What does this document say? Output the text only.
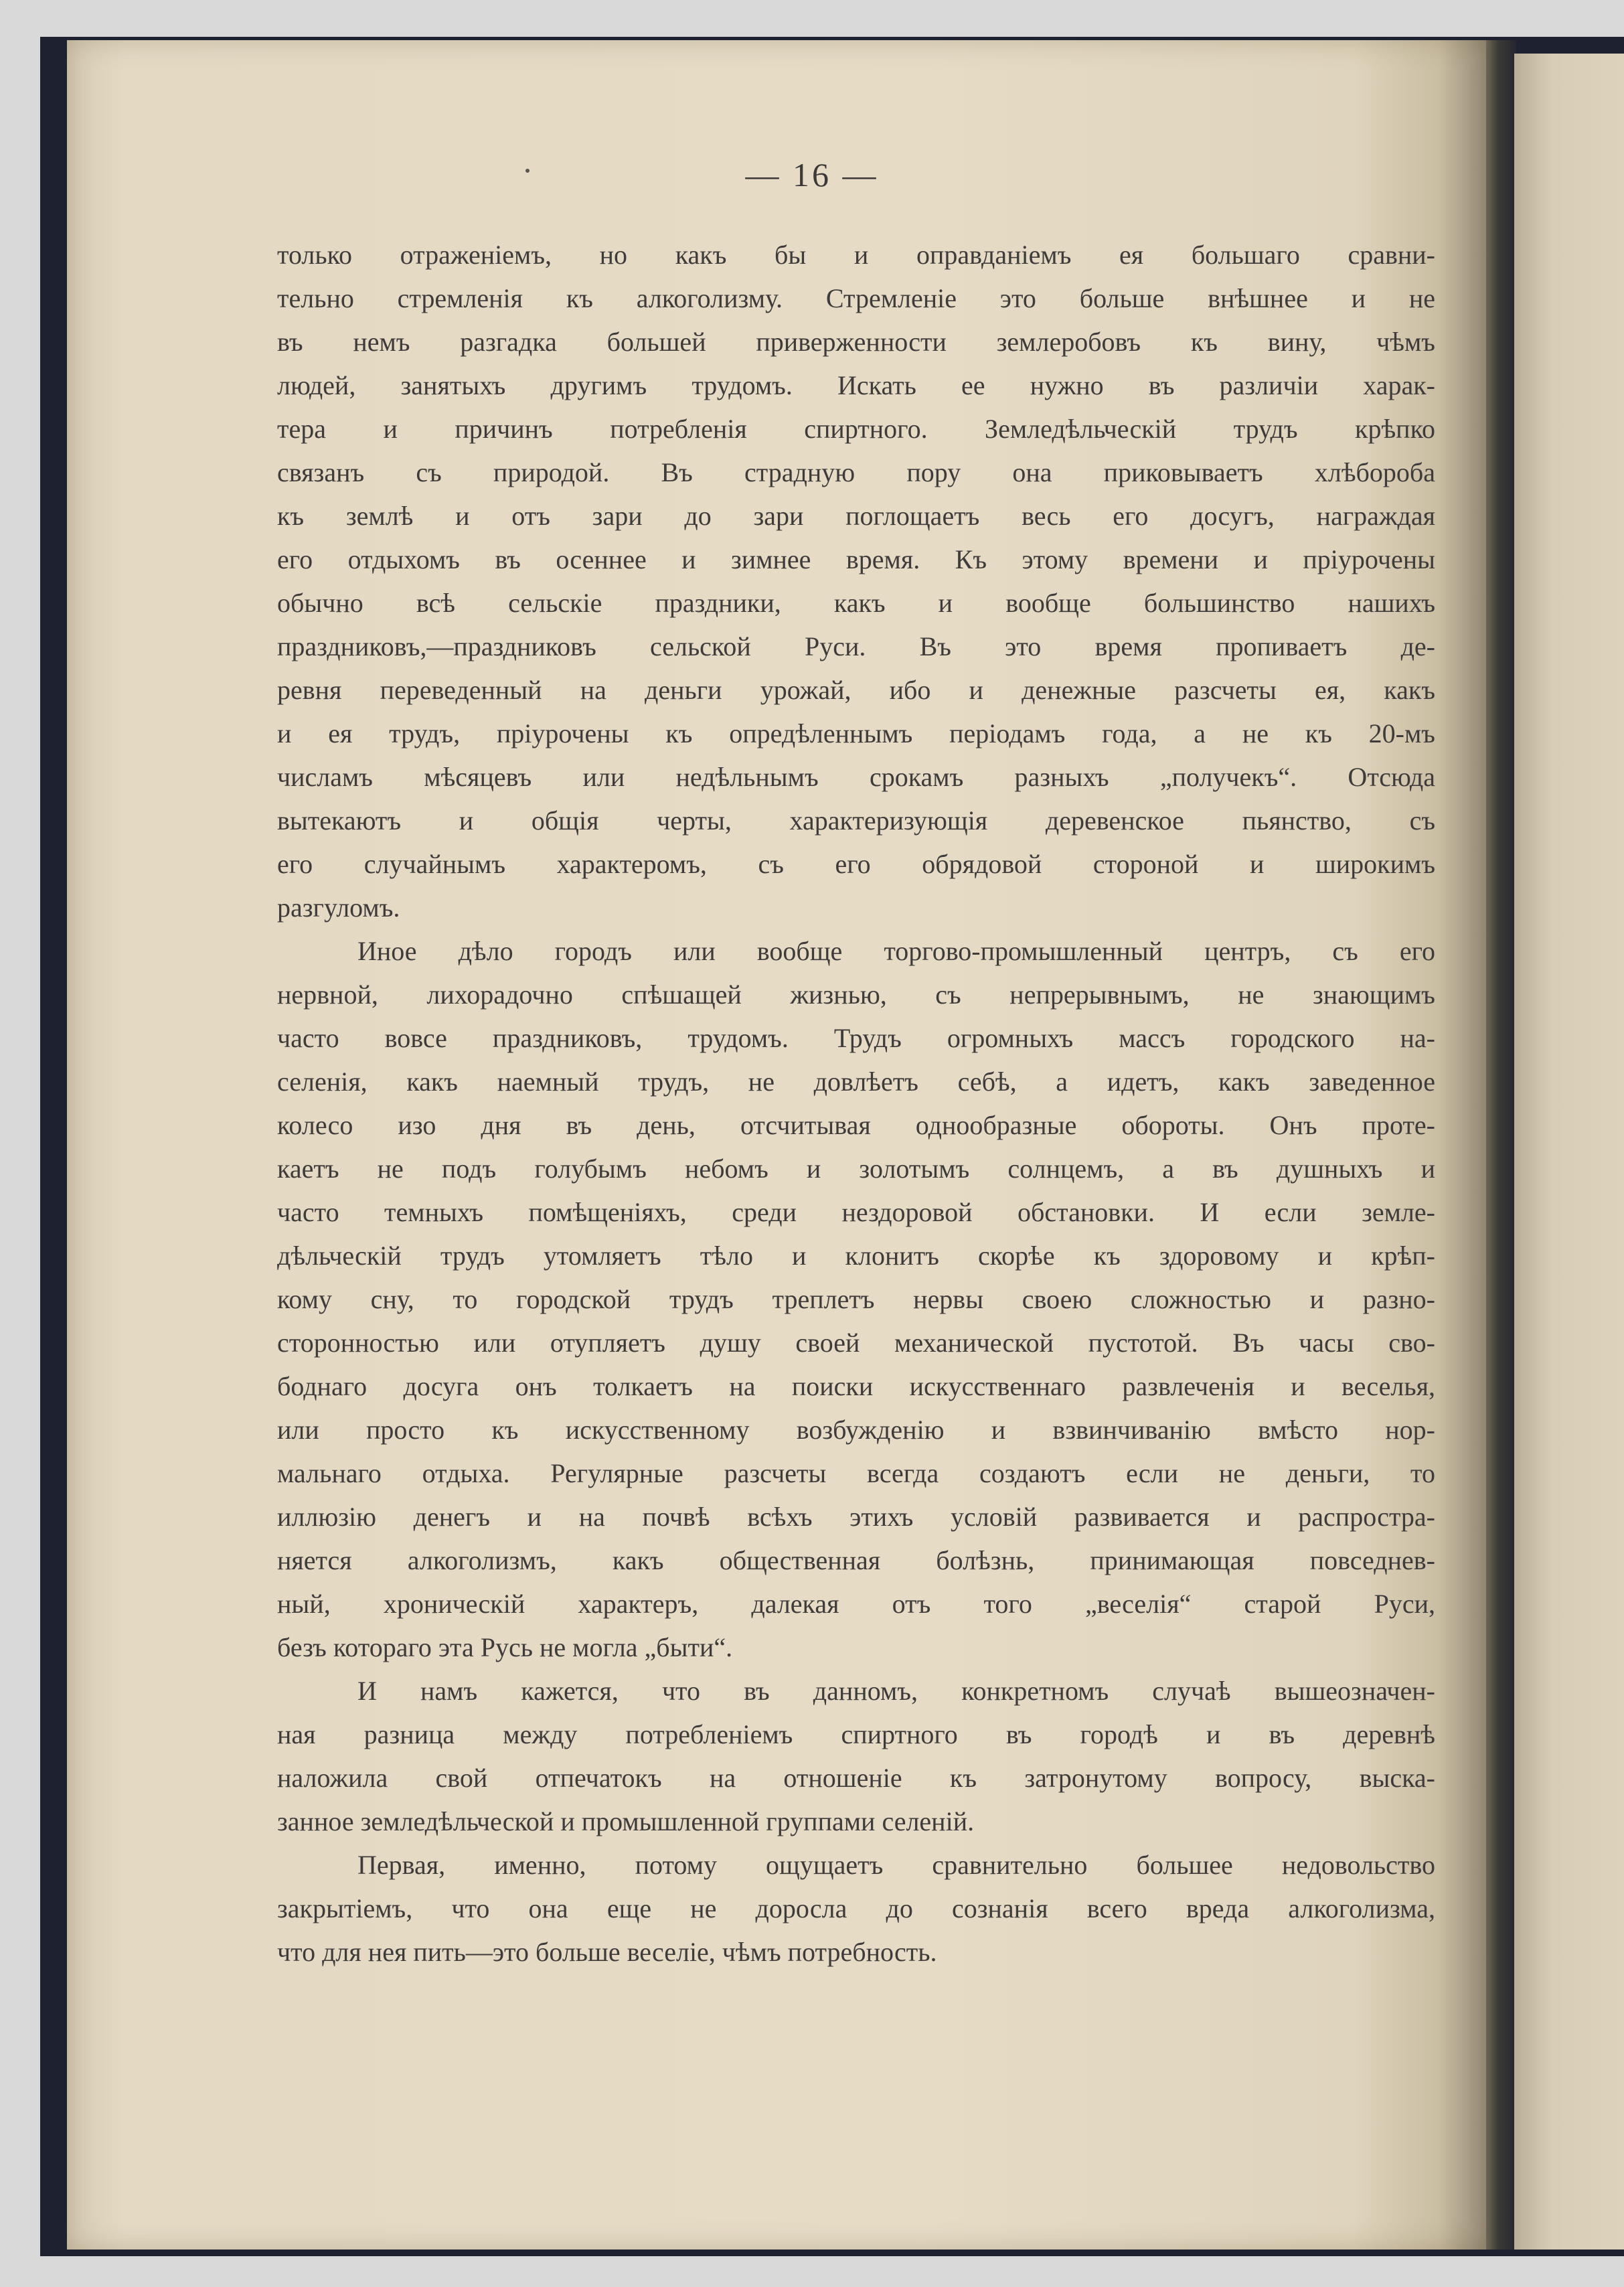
— 16 —
только отраженіемъ, но какъ бы и оправданіемъ ея большаго сравни-
тельно стремленія къ алкоголизму. Стремленіе это больше внѣшнее и не
въ немъ разгадка большей приверженности землеробовъ къ вину, чѣмъ
людей, занятыхъ другимъ трудомъ. Искать ее нужно въ различіи харак-
тера и причинъ потребленія спиртного. Земледѣльческій трудъ крѣпко
связанъ съ природой. Въ страдную пору она приковываетъ хлѣбороба
къ землѣ и отъ зари до зари поглощаетъ весь его досугъ, награждая
его отдыхомъ въ осеннее и зимнее время. Къ этому времени и пріурочены
обычно всѣ сельскіе праздники, какъ и вообще большинство нашихъ
праздниковъ,—праздниковъ сельской Руси. Въ это время пропиваетъ де-
ревня переведенный на деньги урожай, ибо и денежные разсчеты ея, какъ
и ея трудъ, пріурочены къ опредѣленнымъ періодамъ года, а не къ 20-мъ
числамъ мѣсяцевъ или недѣльнымъ срокамъ разныхъ „получекъ“. Отсюда
вытекаютъ и общія черты, характеризующія деревенское пьянство, съ
его случайнымъ характеромъ, съ его обрядовой стороной и широкимъ
разгуломъ.
Иное дѣло городъ или вообще торгово-промышленный центръ, съ его
нервной, лихорадочно спѣшащей жизнью, съ непрерывнымъ, не знающимъ
часто вовсе праздниковъ, трудомъ. Трудъ огромныхъ массъ городского на-
селенія, какъ наемный трудъ, не довлѣетъ себѣ, а идетъ, какъ заведенное
колесо изо дня въ день, отсчитывая однообразные обороты. Онъ проте-
каетъ не подъ голубымъ небомъ и золотымъ солнцемъ, а въ душныхъ и
часто темныхъ помѣщеніяхъ, среди нездоровой обстановки. И если земле-
дѣльческій трудъ утомляетъ тѣло и клонитъ скорѣе къ здоровому и крѣп-
кому сну, то городской трудъ треплетъ нервы своею сложностью и разно-
сторонностью или отупляетъ душу своей механической пустотой. Въ часы сво-
боднаго досуга онъ толкаетъ на поиски искусственнаго развлеченія и веселья,
или просто къ искусственному возбужденію и взвинчиванію вмѣсто нор-
мальнаго отдыха. Регулярные разсчеты всегда создаютъ если не деньги, то
иллюзію денегъ и на почвѣ всѣхъ этихъ условій развивается и распростра-
няется алкоголизмъ, какъ общественная болѣзнь, принимающая повседнев-
ный, хроническій характеръ, далекая отъ того „веселія“ старой Руси,
безъ котораго эта Русь не могла „быти“.
И намъ кажется, что въ данномъ, конкретномъ случаѣ вышеозначен-
ная разница между потребленіемъ спиртного въ городѣ и въ деревнѣ
наложила свой отпечатокъ на отношеніе къ затронутому вопросу, выска-
занное земледѣльческой и промышленной группами селеній.
Первая, именно, потому ощущаетъ сравнительно большее недовольство
закрытіемъ, что она еще не доросла до сознанія всего вреда алкоголизма,
что для нея пить—это больше веселіе, чѣмъ потребность.
